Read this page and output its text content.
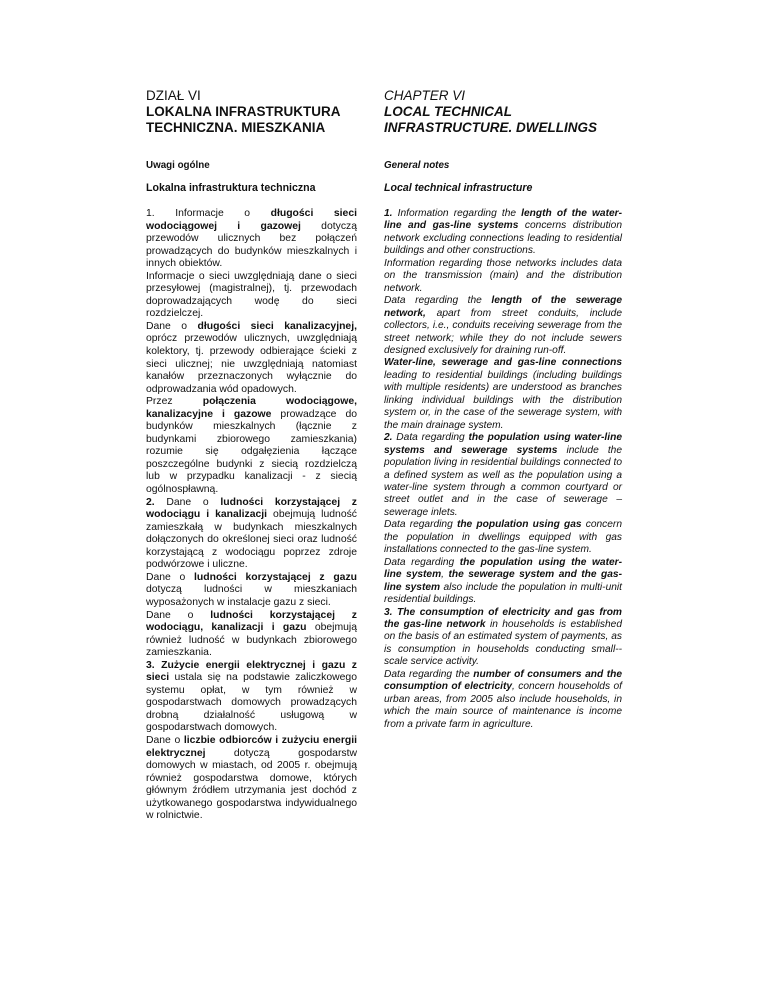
DZIAŁ VI
LOKALNA INFRASTRUKTURA
TECHNICZNA. MIESZKANIA
Uwagi ogólne
Lokalna infrastruktura techniczna

1. Informacje o długości sieci wodociągowej i gazowej dotyczą przewodów ulicznych bez połączeń prowadzących do budynków mieszkalnych i innych obiektów.

Informacje o sieci uwzględniają dane o sieci przesyłowej (magistralnej), tj. przewodach doprowadzających wodę do sieci rozdzielczej.

Dane o długości sieci kanalizacyjnej, oprócz przewodów ulicznych, uwzględniają kolektory, tj. przewody odbierające ścieki z sieci ulicznej; nie uwzględniają natomiast kanałów przeznaczonych wyłącznie do odprowadzania wód opadowych.

Przez połączenia wodociągowe, kanalizacyjne i gazowe prowadzące do budynków mieszkalnych (łącznie z budynkami zbiorowego zamieszkania) rozumie się odgałęzienia łączące poszczególne budynki z siecią rozdzielczą lub w przypadku kanalizacji - z siecią ogólnospławną.

2. Dane o ludności korzystającej z wodociągu i kanalizacji obejmują ludność zamieszkałą w budynkach mieszkalnych dołączonych do określonej sieci oraz ludność korzystającą z wodociągu poprzez zdroje podwórzowe i uliczne.

Dane o ludności korzystającej z gazu dotyczą ludności w mieszkaniach wyposażonych w instalacje gazu z sieci.

Dane o ludności korzystającej z wodociągu, kanalizacji i gazu obejmują również ludność w budynkach zbiorowego zamieszkania.

3. Zużycie energii elektrycznej i gazu z sieci ustala się na podstawie zaliczkowego systemu opłat, w tym również w gospodarstwach domowych prowadzących drobną działalność usługową w gospodarstwach domowych.

Dane o liczbie odbiorców i zużyciu energii elektrycznej dotyczą gospodarstw domowych w miastach, od 2005 r. obejmują również gospodarstwa domowe, których głównym źródłem utrzymania jest dochód z użytkowanego gospodarstwa indywidualnego w rolnictwie.

CHAPTER VI
LOCAL TECHNICAL
INFRASTRUCTURE. DWELLINGS
General notes
Local technical infrastructure

1. Information regarding the length of the water-line and gas-line systems concerns distribution network excluding connections leading to residential buildings and other constructions.

Information regarding those networks includes data on the transmission (main) and the distribution network.

Data regarding the length of the sewerage network, apart from street conduits, include collectors, i.e., conduits receiving sewerage from the street network; while they do not include sewers designed exclusively for draining run-off.

Water-line, sewerage and gas-line connections leading to residential buildings (including buildings with multiple residents) are understood as branches linking individual buildings with the distribution system or, in the case of the sewerage system, with the main drainage system.

2. Data regarding the population using water-line systems and sewerage systems include the population living in residential buildings connected to a defined system as well as the population using a water-line system through a common courtyard or street outlet and in the case of sewerage – sewerage inlets.

Data regarding the population using gas concern the population in dwellings equipped with gas installations connected to the gas-line system.

Data regarding the population using the water-line system, the sewerage system and the gas-line system also include the population in multi-unit residential buildings.

3. The consumption of electricity and gas from the gas-line network in households is established on the basis of an estimated system of payments, as is consumption in households conducting small--scale service activity.

Data regarding the number of consumers and the consumption of electricity, concern households of urban areas, from 2005 also include households, in which the main source of maintenance is income from a private farm in agriculture.
